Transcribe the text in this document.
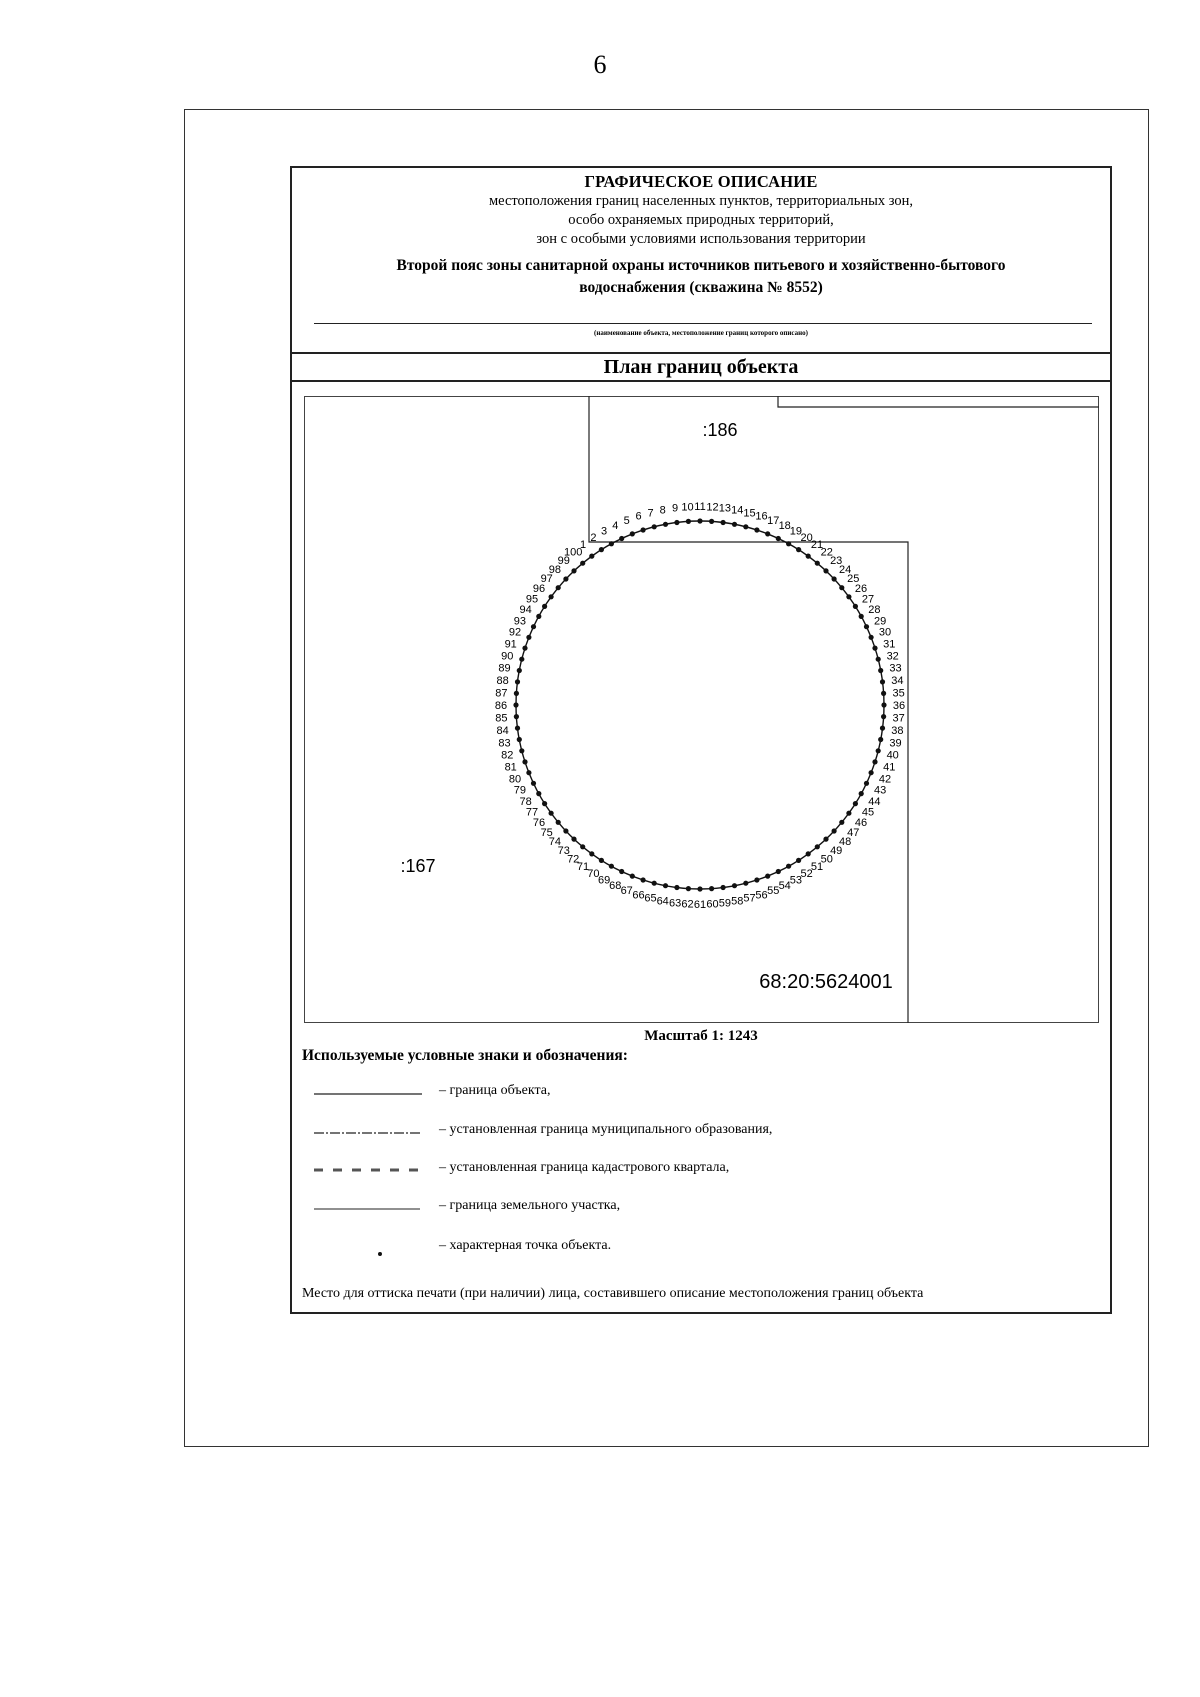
6
ГРАФИЧЕСКОЕ ОПИСАНИЕ
местоположения границ населенных пунктов, территориальных зон,
особо охраняемых природных территорий,
зон с особыми условиями использования территории
Второй пояс зоны санитарной охраны источников питьевого и хозяйственно-бытового
водоснабжения (скважина № 8552)
(наименование объекта, местоположение границ которого описано)
План границ объекта
:186
:167
68:20:5624001
1
2
3 4 5 6 7 8 9 10 11 12 13 14 15 16 17 18
19
20
21
22
23
24
25
26
27
28
29
30
31
32
33
34
35
36
37
38
39
40
41
42
43
44
45
46
47
48
49
50
51
52
53
54
55
56
57
58
59
60
61
62
63
64
65
66
67
68
69
70
71
72
73
74
75
76
77
78
79
80
81
82
83
84
85
86
87
88
89
90
91
92
93
94
95
96
97
98
99
100
Масштаб 1: 1243
Используемые условные знаки и обозначения:
– граница объекта,
– установленная граница муниципального образования,
– установленная граница кадастрового квартала,
– граница земельного участка,
– характерная точка объекта.
Место для оттиска печати (при наличии) лица, составившего описание местоположения границ объекта
